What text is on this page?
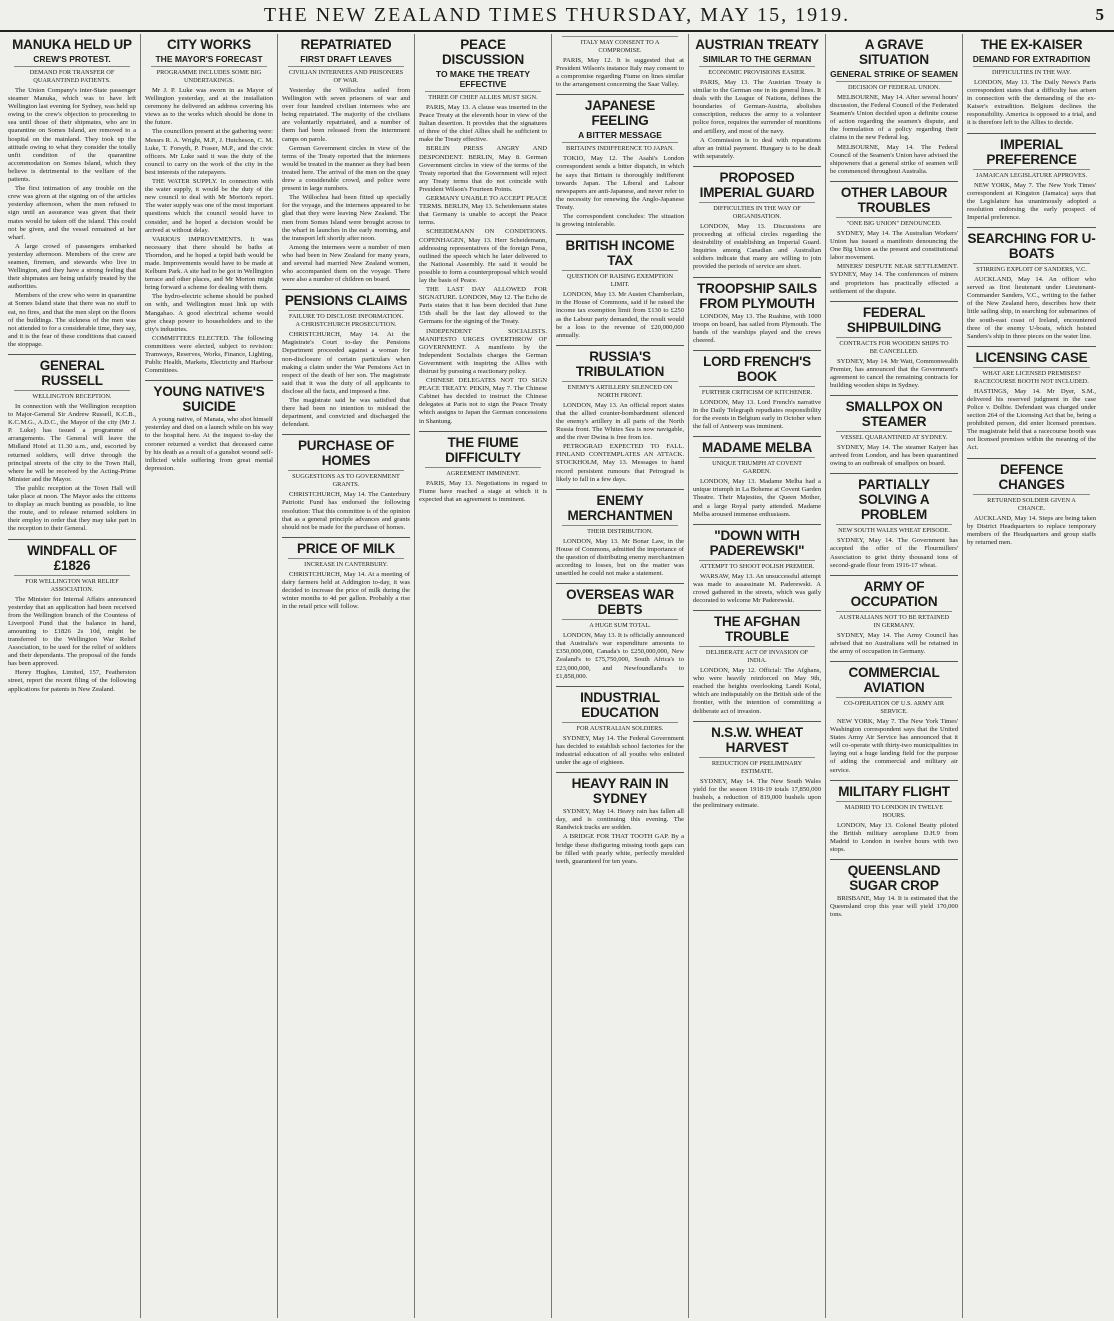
THE NEW ZEALAND TIMES THURSDAY, MAY 15, 1919.	5
MANUKA HELD UP
CREW'S PROTEST.
DEMAND FOR TRANSFER OF QUARANTINED PATIENTS.

The Union Company's inter-State passenger steamer Manuka, which was to have left Wellington last evening for Sydney, was held up owing to the crew's objection to proceeding to sea until those of their shipmates, who are in quarantine on Somes Island, are removed to a hospital on the mainland. They took up the attitude owing to what they consider the totally unfit condition of the quarantine accommodation on Somes Island, which they believe is detrimental to the welfare of the patients.

The first intimation of any trouble on the crew was given at the signing on of the articles yesterday afternoon, when the men refused to sign until an assurance was given that their mates would be taken off the island. This could not be given, and the vessel remained at her wharf.

A large crowd of passengers embarked yesterday afternoon. Members of the crew are seamen, firemen, and stewards who live in Wellington, and they have a strong feeling that their shipmates are being unfairly treated by the authorities.

Members of the crew who were in quarantine at Somes Island state that there was no stuff to eat, no fires, and that the men slept on the floors of the buildings. The sickness of the men was not attended to for a considerable time, they say, and it is the fear of these conditions that caused the stoppage.

GENERAL RUSSELL
WELLINGTON RECEPTION.

In connection with the Wellington reception to Major-General Sir Andrew Russell, K.C.B., K.C.M.G., A.D.C., the Mayor of the city (Mr J. P. Luke) has issued a programme of arrangements. The General will leave the Midland Hotel at 11.30 a.m., and, escorted by returned soldiers, will drive through the principal streets of the city to the Town Hall, where he will be received by the Acting-Prime Minister and the Mayor.

The public reception at the Town Hall will take place at noon. The Mayor asks the citizens to display as much bunting as possible, to line the route, and to release returned soldiers in their employ in order that they may take part in the reception to their General.

WINDFALL OF £1826
FOR WELLINGTON WAR RELIEF ASSOCIATION.

The Minister for Internal Affairs announced yesterday that an application had been received from the Wellington branch of the Countess of Liverpool Fund that the balance in hand, amounting to £1826 2s 10d, might be transferred to the Wellington War Relief Association, to be used for the relief of soldiers and their dependants. The proposal of the funds has been approved.

Henry Hughes, Limited, 157, Featherston street, report the recent filing of the following applications for patents in New Zealand.

CITY WORKS
THE MAYOR'S FORECAST
PROGRAMME INCLUDES SOME BIG UNDERTAKINGS.

Mr J. P. Luke was sworn in as Mayor of Wellington yesterday, and at the installation ceremony he delivered an address covering his views as to the works which should be done in the future.

The councillors present at the gathering were: Messrs R. A. Wright, M.P., J. Hutcheson, C. M. Luke, T. Forsyth, P. Fraser, M.P., and the civic officers. Mr Luke said it was the duty of the council to carry on the work of the city in the best interests of the ratepayers.

THE WATER SUPPLY. In connection with the water supply, it would be the duty of the new council to deal with Mr Morton's report. The water supply was one of the most important questions which the council would have to consider, and he hoped a decision would be arrived at without delay.

VARIOUS IMPROVEMENTS. It was necessary that there should be baths at Thorndon, and he hoped a tepid bath would be made. Improvements would have to be made at Kelburn Park. A site had to be got in Wellington terrace and other places, and Mr Morton might bring forward a scheme for dealing with them.

The hydro-electric scheme should be pushed on with, and Wellington must link up with Mangahao. A good electrical scheme would give cheap power to householders and to the city's industries.

COMMITTEES ELECTED. The following committees were elected, subject to revision: Tramways, Reserves, Works, Finance, Lighting, Public Health, Markets, Electricity and Harbour Committees.

YOUNG NATIVE'S SUICIDE

A young native, of Manaia, who shot himself yesterday and died on a launch while on his way to the hospital here. At the inquest to-day the coroner returned a verdict that deceased came by his death as a result of a gunshot wound self-inflicted while suffering from great mental depression.

REPATRIATED
FIRST DRAFT LEAVES
CIVILIAN INTERNEES AND PRISONERS OF WAR.

Yesterday the Willochra sailed from Wellington with seven prisoners of war and over four hundred civilian internees who are being repatriated. The majority of the civilians are voluntarily repatriated, and a number of them had been released from the internment camps on parole.

German Government circles in view of the terms of the Treaty reported that the internees would be treated in the manner as they had been treated here. The arrival of the men on the quay drew a considerable crowd, and police were present in large numbers.

The Willochra had been fitted up specially for the voyage, and the internees appeared to be glad that they were leaving New Zealand. The men from Somes Island were brought across to the wharf in launches in the early morning, and the transport left shortly after noon.

Among the internees were a number of men who had been in New Zealand for many years, and several had married New Zealand women, who accompanied them on the voyage. There were also a number of children on board.

PENSIONS CLAIMS
FAILURE TO DISCLOSE INFORMATION. A CHRISTCHURCH PROSECUTION.

CHRISTCHURCH, May 14. At the Magistrate's Court to-day the Pensions Department proceeded against a woman for non-disclosure of certain particulars when making a claim under the War Pensions Act in respect of the death of her son. The magistrate said that it was the duty of all applicants to disclose all the facts, and imposed a fine.

The magistrate said he was satisfied that there had been no intention to mislead the department, and convicted and discharged the defendant.

PURCHASE OF HOMES
SUGGESTIONS AS TO GOVERNMENT GRANTS.

CHRISTCHURCH, May 14. The Canterbury Patriotic Fund has endorsed the following resolution: That this committee is of the opinion that as a general principle advances and grants should not be made for the purchase of homes.

PRICE OF MILK
INCREASE IN CANTERBURY.

CHRISTCHURCH, May 14. At a meeting of dairy farmers held at Addington to-day, it was decided to increase the price of milk during the winter months to 4d per gallon. Probably a rise in the retail price will follow.

PEACE DISCUSSION
TO MAKE THE TREATY EFFECTIVE
THREE OF CHIEF ALLIES MUST SIGN.

PARIS, May 13. A clause was inserted in the Peace Treaty at the eleventh hour in view of the Italian desertion. It provides that the signatures of three of the chief Allies shall be sufficient to make the Treaty effective.

BERLIN PRESS ANGRY AND DESPONDENT. BERLIN, May 8. German Government circles in view of the terms of the Treaty reported that the Government will reject any Treaty terms that do not coincide with President Wilson's Fourteen Points.

GERMANY UNABLE TO ACCEPT PEACE TERMS. BERLIN, May 13. Scheidemann states that Germany is unable to accept the Peace terms.

SCHEIDEMANN ON CONDITIONS. COPENHAGEN, May 13. Herr Scheidemann, addressing representatives of the foreign Press, outlined the speech which he later delivered to the National Assembly. He said it would be possible to form a counterproposal which would lay the basis of Peace.

THE LAST DAY ALLOWED FOR SIGNATURE. LONDON, May 12. The Echo de Paris states that it has been decided that June 15th shall be the last day allowed to the Germans for the signing of the Treaty.

INDEPENDENT SOCIALISTS. MANIFESTO URGES OVERTHROW OF GOVERNMENT. A manifesto by the Independent Socialists charges the German Government with inspiring the Allies with distrust by pursuing a reactionary policy.

CHINESE DELEGATES NOT TO SIGN PEACE TREATY. PEKIN, May 7. The Chinese Cabinet has decided to instruct the Chinese delegates at Paris not to sign the Peace Treaty which assigns to Japan the German concessions in Shantung.

THE FIUME DIFFICULTY
AGREEMENT IMMINENT.

PARIS, May 13. Negotiations in regard to Fiume have reached a stage at which it is expected that an agreement is imminent.

ITALY MAY CONSENT TO A COMPROMISE.

PARIS, May 12. It is suggested that at President Wilson's instance Italy may consent to a compromise regarding Fiume on lines similar to the arrangement concerning the Saar Valley.

JAPANESE FEELING
A BITTER MESSAGE
BRITAIN'S INDIFFERENCE TO JAPAN.

TOKIO, May 12. The Asahi's London correspondent sends a bitter dispatch, in which he says that Britain is thoroughly indifferent towards Japan. The Liberal and Labour newspapers are anti-Japanese, and never refer to the necessity for renewing the Anglo-Japanese Treaty.

The correspondent concludes: The situation is growing intolerable.

BRITISH INCOME TAX
QUESTION OF RAISING EXEMPTION LIMIT.

LONDON, May 13. Mr Austen Chamberlain, in the House of Commons, said if he raised the income tax exemption limit from £130 to £250 as the Labour party demanded, the result would be a loss to the revenue of £20,000,000 annually.

RUSSIA'S TRIBULATION
ENEMY'S ARTILLERY SILENCED ON NORTH FRONT.

LONDON, May 13. An official report states that the allied counter-bombardment silenced the enemy's artillery in all parts of the North Russia front. The Whites Sea is now navigable, and the river Dwina is free from ice.

PETROGRAD EXPECTED TO FALL. FINLAND CONTEMPLATES AN ATTACK. STOCKHOLM, May 13. Messages to hand record persistent rumours that Petrograd is likely to fall in a few days.

ENEMY MERCHANTMEN
THEIR DISTRIBUTION.

LONDON, May 13. Mr Bonar Law, in the House of Commons, admitted the importance of the question of distributing enemy merchantmen according to losses, but on the matter was unsettled he could not make a statement.

OVERSEAS WAR DEBTS
A HUGE SUM TOTAL.

LONDON, May 13. It is officially announced that Australia's war expenditure amounts to £350,000,000, Canada's to £250,000,000, New Zealand's to £75,750,000, South Africa's to £23,000,000, and Newfoundland's to £1,858,000.

INDUSTRIAL EDUCATION
FOR AUSTRALIAN SOLDIERS.

SYDNEY, May 14. The Federal Government has decided to establish school factories for the industrial education of all youths who enlisted under the age of eighteen.

HEAVY RAIN IN SYDNEY

SYDNEY, May 14. Heavy rain has fallen all day, and is continuing this evening. The Randwick tracks are sodden.

A BRIDGE FOR THAT TOOTH GAP. By a bridge these disfiguring missing tooth gaps can be filled with pearly white, perfectly moulded teeth, guaranteed for ten years.

AUSTRIAN TREATY
SIMILAR TO THE GERMAN
ECONOMIC PROVISIONS EASIER.

PARIS, May 13. The Austrian Treaty is similar to the German one in its general lines. It deals with the League of Nations, defines the boundaries of German-Austria, abolishes conscription, reduces the army to a volunteer police force, requires the surrender of munitions and artillery, and most of the navy.

A Commission is to deal with reparations after an initial payment. Hungary is to be dealt with separately.

PROPOSED IMPERIAL GUARD
DIFFICULTIES IN THE WAY OF ORGANISATION.

LONDON, May 13. Discussions are proceeding at official circles regarding the desirability of establishing an Imperial Guard. Inquiries among Canadian and Australian soldiers indicate that many are willing to join provided the periods of service are short.

TROOPSHIP SAILS FROM PLYMOUTH

LONDON, May 13. The Ruahine, with 1000 troops on board, has sailed from Plymouth. The bands of the warships played and the crews cheered.

LORD FRENCH'S BOOK
FURTHER CRITICISM OF KITCHENER.

LONDON, May 13. Lord French's narrative in the Daily Telegraph repudiates responsibility for the events in Belgium early in October when the fall of Antwerp was imminent.

MADAME MELBA
UNIQUE TRIUMPH AT COVENT GARDEN.

LONDON, May 13. Madame Melba had a unique triumph in La Boheme at Covent Garden Theatre. Their Majesties, the Queen Mother, and a large Royal party attended. Madame Melba aroused immense enthusiasm.

"DOWN WITH PADEREWSKI"
ATTEMPT TO SHOOT POLISH PREMIER.

WARSAW, May 13. An unsuccessful attempt was made to assassinate M. Paderewski. A crowd gathered in the streets, which was gaily decorated to welcome Mr Paderewski.

THE AFGHAN TROUBLE
DELIBERATE ACT OF INVASION OF INDIA.

LONDON, May 12. Official: The Afghans, who were heavily reinforced on May 9th, reached the heights overlooking Landi Kotal, which are indisputably on the British side of the frontier, with the intention of committing a deliberate act of invasion.

N.S.W. WHEAT HARVEST
REDUCTION OF PRELIMINARY ESTIMATE.

SYDNEY, May 14. The New South Wales yield for the season 1918-19 totals 17,850,000 bushels, a reduction of 819,000 bushels upon the preliminary estimate.

A GRAVE SITUATION
GENERAL STRIKE OF SEAMEN
DECISION OF FEDERAL UNION.

MELBOURNE, May 14. After several hours' discussion, the Federal Council of the Federated Seamen's Union decided upon a definite course of action regarding the seamen's dispute, and the formulation of a policy regarding their claims in the new Federal log.

MELBOURNE, May 14. The Federal Council of the Seamen's Union have advised the shipowners that a general strike of seamen will be commenced throughout Australia.

OTHER LABOUR TROUBLES
"ONE BIG UNION" DENOUNCED.

SYDNEY, May 14. The Australian Workers' Union has issued a manifesto denouncing the One Big Union as the present and constitutional labor movement.

MINERS' DISPUTE NEAR SETTLEMENT. SYDNEY, May 14. The conferences of miners and proprietors has practically effected a settlement of the dispute.

FEDERAL SHIPBUILDING
CONTRACTS FOR WOODEN SHIPS TO BE CANCELLED.

SYDNEY, May 14. Mr Watt, Commonwealth Premier, has announced that the Government's agreement to cancel the remaining contracts for building wooden ships in Sydney.

SMALLPOX ON STEAMER
VESSEL QUARANTINED AT SYDNEY.

SYDNEY, May 14. The steamer Kaiyer has arrived from London, and has been quarantined owing to an outbreak of smallpox on board.

PARTIALLY SOLVING A PROBLEM
NEW SOUTH WALES WHEAT EPISODE.

SYDNEY, May 14. The Government has accepted the offer of the Flourmillers' Association to grist thirty thousand tons of second-grade flour from 1916-17 wheat.

ARMY OF OCCUPATION
AUSTRALIANS NOT TO BE RETAINED IN GERMANY.

SYDNEY, May 14. The Army Council has advised that no Australians will be retained in the army of occupation in Germany.

COMMERCIAL AVIATION
CO-OPERATION OF U.S. ARMY AIR SERVICE.

NEW YORK, May 7. The New York Times' Washington correspondent says that the United States Army Air Service has announced that it will co-operate with thirty-two municipalities in laying out a huge landing field for the purpose of aiding the commercial and military air service.

MILITARY FLIGHT
MADRID TO LONDON IN TWELVE HOURS.

LONDON, May 13. Colonel Beatty piloted the British military aeroplane D.H.9 from Madrid to London in twelve hours with two stops.

QUEENSLAND SUGAR CROP

BRISBANE, May 14. It is estimated that the Queensland crop this year will yield 170,000 tons.

THE EX-KAISER
DEMAND FOR EXTRADITION
DIFFICULTIES IN THE WAY.

LONDON, May 13. The Daily News's Paris correspondent states that a difficulty has arisen in connection with the demanding of the ex-Kaiser's extradition. Belgium declines the responsibility. America is opposed to a trial, and it is therefore left to the Allies to decide.

IMPERIAL PREFERENCE
JAMAICAN LEGISLATURE APPROVES.

NEW YORK, May 7. The New York Times' correspondent at Kingston (Jamaica) says that the Legislature has unanimously adopted a resolution endorsing the early prospect of Imperial preference.

SEARCHING FOR U-BOATS
STIRRING EXPLOIT OF SANDERS, V.C.

AUCKLAND, May 14. An officer who served as first lieutenant under Lieutenant-Commander Sanders, V.C., writing to the father of the New Zealand hero, describes how their little sailing ship, in searching for submarines of the south-east coast of Ireland, encountered three of the enemy U-boats, which hoisted Sanders's ship in three pieces on the water line.

LICENSING CASE
WHAT ARE LICENSED PREMISES? RACECOURSE BOOTH NOT INCLUDED.

HASTINGS, May 14. Mr Dyer, S.M., delivered his reserved judgment in the case Police v. Dolbie. Defendant was charged under section 264 of the Licensing Act that he, being a prohibited person, did enter licensed premises. The magistrate held that a racecourse booth was not licensed premises within the meaning of the Act.

DEFENCE CHANGES
RETURNED SOLDIER GIVEN A CHANCE.

AUCKLAND, May 14. Steps are being taken by District Headquarters to replace temporary members of the Headquarters and group staffs by returned men.
